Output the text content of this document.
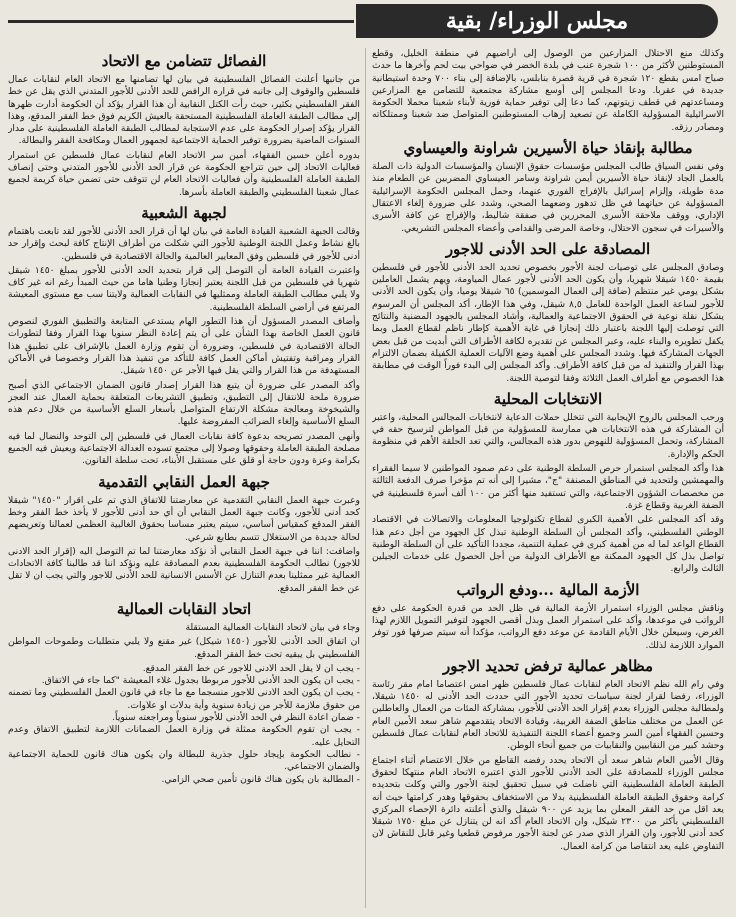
مجلس الوزراء/ بقية

وكذلك منع الاحتلال المزارعين من الوصول إلى أراضيهم في منطقة الخليل، وقطع المستوطنين لأكثر من ١٠٠ شجرة عنب في بلدة الخضر في ضواحي بيت لحم وآخرها ما حدث صباح امس بقطع ١٢٠ شجرة في قرية قصرة بنابلس، بالإضافة إلى بناء ٧٠٠ وحدة استيطانية جديدة في عقربا. ودعا المجلس إلى أوسع مشاركة مجتمعية للتضامن مع المزارعين ومساعدتهم في قطف زيتونهم، كما دعا إلى توفير حماية فورية لأبناء شعبنا محملا الحكومة الاسرائيلية المسؤولية الكاملة عن تصعيد إرهاب المستوطنين المتواصل ضد شعبنا وممتلكاته ومصادر رزقه.

مطالبة بإنقاذ حياة الأسيرين شراونة والعيساوي

وفي نفس السياق طالب المجلس مؤسسات حقوق الإنسان والمؤسسات الدولية ذات الصلة بالعمل الجاد لإنقاذ حياة الأسيرين أيمن شراونة وسامر العيساوي المضربين عن الطعام منذ مدة طويلة، وإلزام إسرائيل بالإفراج الفوري عنهما، وحمل المجلس الحكومة الإسرائيلية المسؤولية عن حياتهما في ظل تدهور وضعهما الصحي، وشدد على ضرورة إلغاء الاعتقال الإداري، ووقف ملاحقة الأسرى المحررين في صفقة شاليط، والإفراج عن كافة الأسرى والأسيرات في سجون الاحتلال، وخاصة المرضى والقدامى وأعضاء المجلس التشريعي.

المصادقة على الحد الأدنى للاجور

وصادق المجلس على توصيات لجنة الأجور بخصوص تحديد الحد الأدنى للأجور في فلسطين بقيمة ١٤٥٠ شيقلا شهريا، وأن يكون الحد الأدنى لأجور عمال المياومة، ويهم يشمل العاملين بشكل يومي غير منتظم (ضافة إلى العمال الموسمين) ٦٥ شيقلا يوميا، وأن يكون الحد الأدنى للأجور لساعة العمل الواحدة للعامل ٨,٥ شيقل، وفي هذا الإطار، أكد المجلس أن المرسوم يشكل نقلة نوعية في الحقوق الاجتماعية والعمالية، وأشاد المجلس بالجهود المضنية والنتائج التي توصلت إليها اللجنة باعتبار ذلك إنجازا في غاية الأهمية كإطار ناظم لقطاع العمل وبما يكفل تطويره والبناء عليه، وعبر المجلس عن تقديره لكافة الأطراف التي أبديت من قبل بعض الجهات المشاركة فيها. وشدد المجلس على أهمية وضع الآليات العملية الكفيلة بضمان الالتزام بهذا القرار والتنفيذ له من قبل كافة الأطراف. وأكد المجلس إلى البدء فوراً الوقت في مطابقة هذا الخصوص مع أطراف العمل الثلاثة وفقا لتوصية اللجنة.

الانتخابات المحلية

ورحب المجلس بالروح الإيجابية التي تتخلل حملات الدعاية لانتخابات المجالس المحلية، واعتبر أن المشاركة في هذه الانتخابات هي ممارسة للمسؤولية من قبل المواطن لترسيخ حقه في المشاركة، وتحمل المسؤولية للنهوض بدور هذه المجالس، والتي تعد الحلقة الأهم في منظومة الحكم والإدارة.

هذا وأكد المجلس استمرار حرص السلطة الوطنية على دعم صمود المواطنين لا سيما الفقراء والمهمشين ولتحديد في المناطق المصنفة "ج"، مشيرا إلى أنه تم مؤخرا صرف الدفعة الثالثة من مخصصات الشؤون الاجتماعية، والتي تستفيد منها أكثر من ١٠٠ ألف أسرة فلسطينية في الضفة الغربية وقطاع غزة.

وقد أكد المجلس على الأهمية الكبرى لقطاع تكنولوجيا المعلومات والاتصالات في الاقتصاد الوطني الفلسطيني، وأكد المجلس أن السلطة الوطنية تبذل كل الجهود من أجل دعم هذا القطاع الواعد لما له من أهمية كبرى في عملية التنمية، مجددا التأكيد على أن السلطة الوطنية تواصل بذل كل الجهود الممكنة مع الأطراف الدولية من أجل الحصول على خدمات الجيلين الثالث والرابع.

الأزمة المالية ...ودفع الرواتب

وناقش مجلس الوزراء استمرار الأزمة المالية في ظل الحد من قدرة الحكومة على دفع الرواتب في موعدها، وأكد على استمرار العمل وبذل أقصى الجهود لتوفير التمويل اللازم لهذا الغرض، وسيعلن خلال الأيام القادمة عن موعد دفع الرواتب، مؤكدا أنه سيتم صرفها فور توفر الموارد اللازمة لذلك.

مظاهر عمالية ترفض تحديد الاجور

وفي رام الله نظم الاتحاد العام لنقابات عمال فلسطين ظهر امس اعتصاما امام مقر رئاسة الوزراء، رفضا لقرار لجنة سياسات تحديد الأجور التي حددت الحد الأدنى له ١٤٥٠ شيقلا، ولمطالبة مجلس الوزراء بعدم إقرار الحد الأدنى للأجور، بمشاركة المئات من العمال والعاطلين عن العمل من مختلف مناطق الضفة الغربية، وقيادة الاتحاد يتقدمهم شاهر سعد الأمين العام وحسين الفقهاء أمين السر وجميع أعضاء اللجنة التنفيذية للاتحاد العام لنقابات عمال فلسطين وحشد كبير من النقابيين والنقابيات من جميع أنحاء الوطن.

وقال الأمين العام شاهر سعد أن الاتحاد يحدد رفضه القاطع من خلال الاعتصام أثناء اجتماع مجلس الوزراء للمصادقة على الحد الأدنى للأجور الذي اعتبره الاتحاد العام منتهكا لحقوق الطبقة العاملة الفلسطينية التي ناضلت في سبيل تحقيق لجنة الأجور والتي وكلت بتحديده كرامة وحقوق الطبقة العاملة الفلسطينية بدلا من الاستخفاف بحقوقها وهدر كرامتها حيث أنه يعد اقل من حد الفقر المعلن بما يزيد عن ٩٠٠ شيقل والذي أعلنته دائرة الإحصاء المركزي الفلسطيني بأكثر من ٢٣٠٠ شيكل، وان الاتحاد العام أكد انه لن يتنازل عن مبلغ ١٧٥٠ شيقلا كحد أدنى للأجور، وان القرار الذي صدر عن لجنة الأجور مرفوض قطعيا وغير قابل للنقاش لان التفاوض عليه يعد انتقاصا من كرامة العمال.

الفصائل تتضامن مع الاتحاد

من جانبها أعلنت الفصائل الفلسطينية في بيان لها تضامنها مع الاتحاد العام لنقابات عمال فلسطين والوقوف إلى جانبه في قراره الرافض للحد الأدنى للأجور المتدني الذي يقل عن خط الفقر الفلسطيني بكثير، حيث رأت الكتل النقابية أن هذا القرار يؤكد أن الحكومة أدارت ظهرها إلى مطالب الطبقة العاملة الفلسطينية المستحقة بالعيش الكريم فوق خط الفقر المدقع، وهذا القرار يؤكد إصرار الحكومة على عدم الاستجابة لمطالب الطبقة العاملة الفلسطينية على مدار السنوات الماضية بضرورة توفير الحماية الاجتماعية لجمهور العمال ومكافحة الفقر والبطالة.

بدوره أعلن حسين الفقهاء، أمين سر الاتحاد العام لنقابات عمال فلسطين عن استمرار فعاليات الاتحاد إلى حين تتراجع الحكومة عن قرار الحد الأدنى للأجور المتدني وحتى إنصاف الطبقة العاملة الفلسطينية وأن فعاليات الاتحاد العام لن تتوقف حتى تضمن حياة كريمة لجميع عمال شعبنا الفلسطيني والطبقة العاملة بأسرها.

لجبهة الشعبية

وقالت الجبهة الشعبية القيادة العامة في بيان لها أن قرار الحد الأدنى للأجور لقد تابعت باهتمام بالغ نشاط وعمل اللجنة الوطنية للأجور التي شكلت من أطراف الإنتاج كافة لبحث وإقرار حد أدنى للأجور في فلسطين وفق المعايير العالمية والحالة الاقتصادية في فلسطين.

واعتبرت القيادة العامة أن التوصل إلى قرار بتحديد الحد الأدنى للأجور بمبلغ ١٤٥٠ شيقل شهريا في فلسطين من قبل اللجنة يعتبر إنجازا وطنيا هاما من حيث المبدأ رغم انه غير كاف ولا يلبي مطالب الطبقة العاملة وممثليها في النقابات العمالية ولايتنا سب مع مستوى المعيشة المرتفع في أراضي السلطة الفلسطينية.

وأضاف المصدر المسؤول أن هذا التطور الهام يستدعي المتابعة والتطبيق الفوري لنصوص قانون العمل الخاصة بهذا الشأن على أن يتم إعادة النظر سنويا بهذا القرار وفقا لتطورات الحالة الاقتصادية في فلسطين، وضرورة أن تقوم وزارة العمل بالإشراف على تطبيق هذا القرار ومراقبة وتفتيش أماكن العمل كافة للتأكد من تنفيذ هذا القرار وخصوصا في الأماكن المستهدفة من هذا القرار والتي يقل فيها الأجر عن ١٤٥٠ شيقل.

وأكد المصدر على ضرورة أن يتبع هذا القرار إصدار قانون الضمان الاجتماعي الذي أصبح ضرورة ملحة للانتقال إلى التطبيق، وتطبيق التشريعات المتعلقة بحماية العمال عند العجز والشيخوخة ومعالجة مشكلة الارتفاع المتواصل بأسعار السلع الأساسية من خلال دعم هذه السلع الأساسية وإلغاء الضرائب المفروضة عليها.

وأنهى المصدر تصريحه بدعوة كافة نقابات العمال في فلسطين إلى التوحد والنضال لما فيه مصلحة الطبقة العاملة وحقوقها وصولا إلى مجتمع تسوده العدالة الاجتماعية ويعيش فيه الجميع بكرامة وعزة ودون حاجة أو قلق على مستقبل الأبناء، تحت سلطة القانون.

جبهة العمل النقابي التقدمية

وعبرت جبهة العمل النقابي التقدمية عن معارضتنا للاتفاق الذي تم على اقرار "١٤٥٠" شيقلا كحد أدنى للأجور، وكانت جبهة العمل النقابي أن أي حد أدنى للأجور لا يأخذ خط الفقر وخط الفقر المدقع كمقياس أساسي، سيتم يعتبر مساسا بحقوق الغالبية العظمى لعمالنا وتعريضهم لحالة جديدة من الاستغلال تتسم بطابع شرعي.

واضافت: اننا في جبهة العمل النقابي أذ نؤكد معارضتنا لما تم التوصل اليه (إقرار الحد الادنى للاجور) نطالب الحكومة الفلسطينية بعدم المصادقة عليه ونؤكد اننا قد طالبنا كافة الاتحادات العمالية غير ممثلينا بعدم التنازل عن الأسس الانسانية للحد الأدنى للاجور والتي يجب ان لا تقل عن خط الفقر المدقع.

اتحاد النقابات العمالية

وجاء في بيان لاتحاد النقابات العمالية المستقلة

ان اتفاق الحد الأدنى للأجور (١٤٥٠ شيكل) غير مقنع ولا يلبي متطلبات وطموحات المواطن الفلسطيني بل يبقيه تحت خط الفقر المدقع.

- يجب ان لا يقل الحد الادنى للاجور عن خط الفقر المدقع.

- يجب ان يكون الحد الأدنى للأجور مربوطا بجدول غلاء المعيشة "كما جاء في الاتفاق.

- يجب ان يكون الحد الادنى للاجور منسجما مع ما جاء في قانون العمل الفلسطيني وما تضمنه من حقوق ملازمة للأجر من زيادة سنوية وأية بدلات او علاوات.

- ضمان اعادة النظر في الحد الأدنى للأجور سنوياً ومراجعته سنوياً.

- يجب ان تقوم الحكومة ممثلة في وزارة العمل الضمانات اللازمة لتطبيق الاتفاق وعدم التحايل عليه.

- نطالب الحكومة بإيجاد حلول جذرية للبطالة وان يكون هناك قانون للحماية الاجتماعية والضمان الاجتماعي.

- المطالبة بان يكون هناك قانون تأمين صحي الزامي.
